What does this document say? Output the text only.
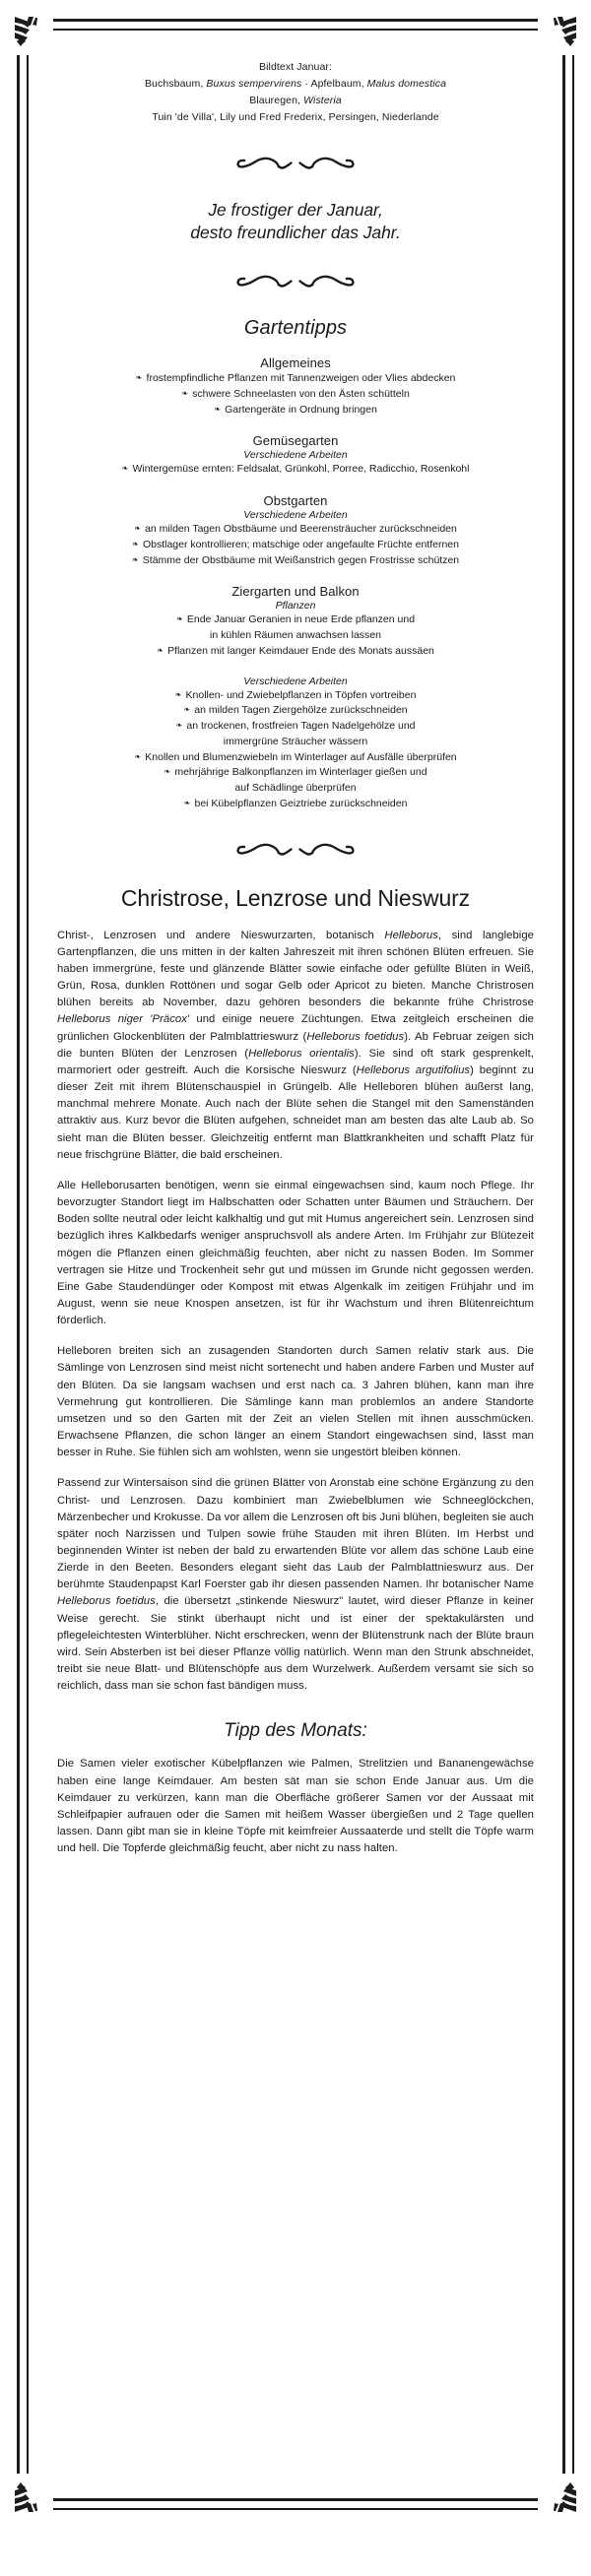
Bildtext Januar:
Buchsbaum, Buxus sempervirens · Apfelbaum, Malus domestica
Blauregen, Wisteria
Tuin 'de Villa', Lily und Fred Frederix, Persingen, Niederlande
Je frostiger der Januar,
desto freundlicher das Jahr.
Gartentipps
Allgemeines
❧ frostempfindliche Pflanzen mit Tannenzweigen oder Vlies abdecken
❧ schwere Schneelasten von den Ästen schütteln
❧ Gartengeräte in Ordnung bringen
Gemüsegarten
Verschiedene Arbeiten
❧ Wintergemüse ernten: Feldsalat, Grünkohl, Porree, Radicchio, Rosenkohl
Obstgarten
Verschiedene Arbeiten
❧ an milden Tagen Obstbäume und Beerensträucher zurückschneiden
❧ Obstlager kontrollieren; matschige oder angefaulte Früchte entfernen
❧ Stämme der Obstbäume mit Weißanstrich gegen Frostrisse schützen
Ziergarten und Balkon
Pflanzen
❧ Ende Januar Geranien in neue Erde pflanzen und
in kühlen Räumen anwachsen lassen
❧ Pflanzen mit langer Keimdauer Ende des Monats aussäen
Verschiedene Arbeiten
❧ Knollen- und Zwiebelpflanzen in Töpfen vortreiben
❧ an milden Tagen Ziergehölze zurückschneiden
❧ an trockenen, frostfreien Tagen Nadelgehölze und
immergrüne Sträucher wässern
❧ Knollen und Blumenzwiebeln im Winterlager auf Ausfälle überprüfen
❧ mehrjährige Balkonpflanzen im Winterlager gießen und
auf Schädlinge überprüfen
❧ bei Kübelpflanzen Geiztriebe zurückschneiden
Christrose, Lenzrose und Nieswurz

Christ-, Lenzrosen und andere Nieswurzarten, botanisch Helleborus, sind langlebige Gartenpflanzen, die uns mitten in der kalten Jahreszeit mit ihren schönen Blüten erfreuen. Sie haben immergrüne, feste und glänzende Blätter sowie einfache oder gefüllte Blüten in Weiß, Grün, Rosa, dunklen Rottönen und sogar Gelb oder Apricot zu bieten. Manche Christrosen blühen bereits ab November, dazu gehören besonders die bekannte frühe Christrose Helleborus niger 'Präcox' und einige neuere Züchtungen. Etwa zeitgleich erscheinen die grünlichen Glockenblüten der Palmblattrieswurz (Helleborus foetidus). Ab Februar zeigen sich die bunten Blüten der Lenzrosen (Helleborus orientalis). Sie sind oft stark gesprenkelt, marmoriert oder gestreift. Auch die Korsische Nieswurz (Helleborus argutifolius) beginnt zu dieser Zeit mit ihrem Blütenschauspiel in Grüngelb. Alle Helleboren blühen äußerst lang, manchmal mehrere Monate. Auch nach der Blüte sehen die Stangel mit den Samenständen attraktiv aus. Kurz bevor die Blüten aufgehen, schneidet man am besten das alte Laub ab. So sieht man die Blüten besser. Gleichzeitig entfernt man Blattkrankheiten und schafft Platz für neue frischgrüne Blätter, die bald erscheinen.

Alle Helleborusarten benötigen, wenn sie einmal eingewachsen sind, kaum noch Pflege. Ihr bevorzugter Standort liegt im Halbschatten oder Schatten unter Bäumen und Sträuchern. Der Boden sollte neutral oder leicht kalkhaltig und gut mit Humus angereichert sein. Lenzrosen sind bezüglich ihres Kalkbedarfs weniger anspruchsvoll als andere Arten. Im Frühjahr zur Blütezeit mögen die Pflanzen einen gleichmäßig feuchten, aber nicht zu nassen Boden. Im Sommer vertragen sie Hitze und Trockenheit sehr gut und müssen im Grunde nicht gegossen werden. Eine Gabe Staudendünger oder Kompost mit etwas Algenkalk im zeitigen Frühjahr und im August, wenn sie neue Knospen ansetzen, ist für ihr Wachstum und ihren Blütenreichtum förderlich.

Helleboren breiten sich an zusagenden Standorten durch Samen relativ stark aus. Die Sämlinge von Lenzrosen sind meist nicht sortenecht und haben andere Farben und Muster auf den Blüten. Da sie langsam wachsen und erst nach ca. 3 Jahren blühen, kann man ihre Vermehrung gut kontrollieren. Die Sämlinge kann man problemlos an andere Standorte umsetzen und so den Garten mit der Zeit an vielen Stellen mit ihnen ausschmücken. Erwachsene Pflanzen, die schon länger an einem Standort eingewachsen sind, lässt man besser in Ruhe. Sie fühlen sich am wohlsten, wenn sie ungestört bleiben können.

Passend zur Wintersaison sind die grünen Blätter von Aronstab eine schöne Ergänzung zu den Christ- und Lenzrosen. Dazu kombiniert man Zwiebelblumen wie Schneeglöckchen, Märzenbecher und Krokusse. Da vor allem die Lenzrosen oft bis Juni blühen, begleiten sie auch später noch Narzissen und Tulpen sowie frühe Stauden mit ihren Blüten. Im Herbst und beginnenden Winter ist neben der bald zu erwartenden Blüte vor allem das schöne Laub eine Zierde in den Beeten. Besonders elegant sieht das Laub der Palmblattnieswurz aus. Der berühmte Staudenpapst Karl Foerster gab ihr diesen passenden Namen. Ihr botanischer Name Helleborus foetidus, die übersetzt „stinkende Nieswurz" lautet, wird dieser Pflanze in keiner Weise gerecht. Sie stinkt überhaupt nicht und ist einer der spektakulärsten und pflegeleichtesten Winterblüher. Nicht erschrecken, wenn der Blütenstrunk nach der Blüte braun wird. Sein Absterben ist bei dieser Pflanze völlig natürlich. Wenn man den Strunk abschneidet, treibt sie neue Blatt- und Blütenschöpfe aus dem Wurzelwerk. Außerdem versamt sie sich so reichlich, dass man sie schon fast bändigen muss.

Tipp des Monats:

Die Samen vieler exotischer Kübelpflanzen wie Palmen, Strelitzien und Bananengewächse haben eine lange Keimdauer. Am besten sät man sie schon Ende Januar aus. Um die Keimdauer zu verkürzen, kann man die Oberfläche größerer Samen vor der Aussaat mit Schleifpapier aufrauen oder die Samen mit heißem Wasser übergießen und 2 Tage quellen lassen. Dann gibt man sie in kleine Töpfe mit keimfreier Aussaaterde und stellt die Töpfe warm und hell. Die Topferde gleichmäßig feucht, aber nicht zu nass halten.
